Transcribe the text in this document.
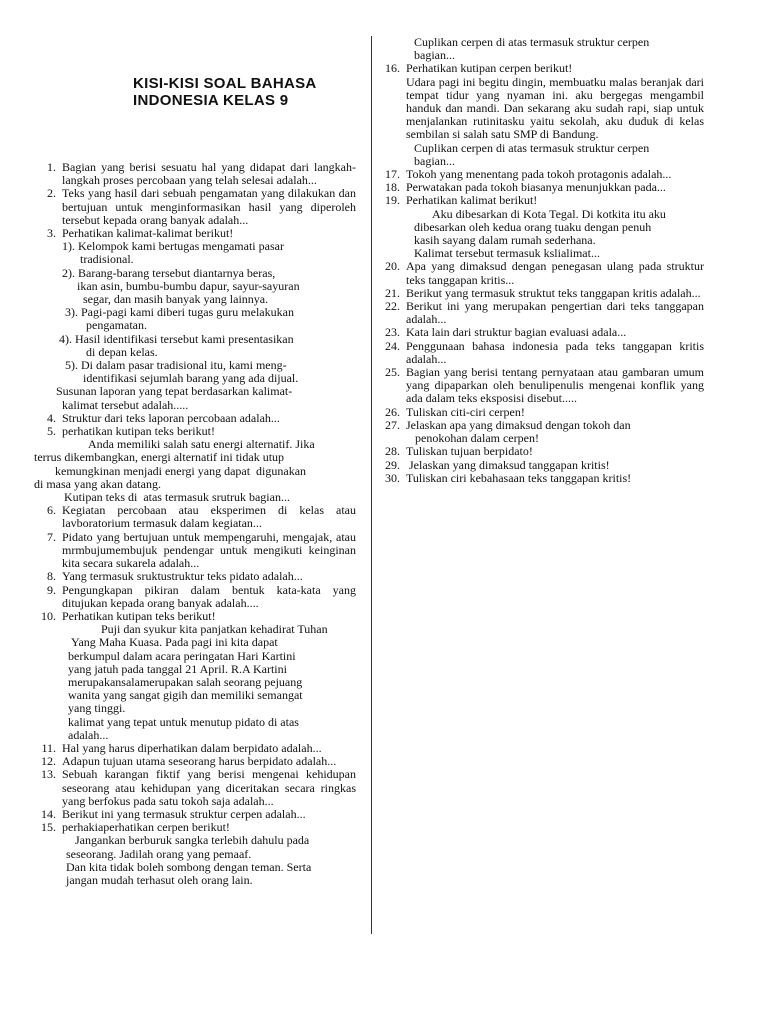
KISI-KISI SOAL BAHASA
INDONESIA KELAS 9
1. Bagian yang berisi sesuatu hal yang didapat dari langkah-langkah proses percobaan yang telah selesai adalah...
2. Teks yang hasil dari sebuah pengamatan yang dilakukan dan bertujuan untuk menginformasikan hasil yang diperoleh tersebut kepada orang banyak adalah...
3. Perhatikan kalimat-kalimat berikut!
1). Kelompok kami bertugas mengamati pasar
tradisional.
2). Barang-barang tersebut diantarnya beras,
ikan asin, bumbu-bumbu dapur, sayur-sayuran
segar, dan masih banyak yang lainnya.
3). Pagi-pagi kami diberi tugas guru melakukan
pengamatan.
4). Hasil identifikasi tersebut kami presentasikan
di depan kelas.
5). Di dalam pasar tradisional itu, kami meng-
identifikasi sejumlah barang yang ada dijual.
Susunan laporan yang tepat berdasarkan kalimat-
kalimat tersebut adalah.....
4. Struktur dari teks laporan percobaan adalah...
5. perhatikan kutipan teks berikut!
Anda memiliki salah satu energi alternatif. Jika
terrus dikembangkan, energi alternatif ini tidak utup
kemungkinan menjadi energi yang dapat  digunakan
di masa yang akan datang.
Kutipan teks di  atas termasuk srutruk bagian...
6. Kegiatan percobaan atau eksperimen di kelas atau lavboratorium termasuk dalam kegiatan...
7. Pidato yang bertujuan untuk mempengaruhi, mengajak, atau mrmbujumembujuk pendengar untuk mengikuti keinginan kita secara sukarela adalah...
8. Yang termasuk sruktustruktur teks pidato adalah...
9. Pengungkapan pikiran dalam bentuk kata-kata yang ditujukan kepada orang banyak adalah....
10. Perhatikan kutipan teks berikut!
Puji dan syukur kita panjatkan kehadirat Tuhan
Yang Maha Kuasa. Pada pagi ini kita dapat
berkumpul dalam acara peringatan Hari Kartini
yang jatuh pada tanggal 21 April. R.A Kartini
merupakansalamerupakan salah seorang pejuang
wanita yang sangat gigih dan memiliki semangat
yang tinggi.
kalimat yang tepat untuk menutup pidato di atas
adalah...
11. Hal yang harus diperhatikan dalam berpidato adalah...
12. Adapun tujuan utama seseorang harus berpidato adalah...
13. Sebuah karangan fiktif yang berisi mengenai kehidupan seseorang atau kehidupan yang diceritakan secara ringkas yang berfokus pada satu tokoh saja adalah...
14. Berikut ini yang termasuk struktur cerpen adalah...
15. perhakiaperhatikan cerpen berikut!
Jangankan berburuk sangka terlebih dahulu pada
seseorang. Jadilah orang yang pemaaf.
Dan kita tidak boleh sombong dengan teman. Serta
jangan mudah terhasut oleh orang lain.
Cuplikan cerpen di atas termasuk struktur cerpen
bagian...
16. Perhatikan kutipan cerpen berikut!
Udara pagi ini begitu dingin, membuatku malas beranjak dari tempat tidur yang nyaman ini. aku bergegas mengambil handuk dan mandi. Dan sekarang aku sudah rapi, siap untuk menjalankan rutinitasku yaitu sekolah, aku duduk di kelas sembilan si salah satu SMP di Bandung.
Cuplikan cerpen di atas termasuk struktur cerpen
bagian...
17. Tokoh yang menentang pada tokoh protagonis adalah...
18. Perwatakan pada tokoh biasanya menunjukkan pada...
19. Perhatikan kalimat berikut!
Aku dibesarkan di Kota Tegal. Di kotkita itu aku
dibesarkan oleh kedua orang tuaku dengan penuh
kasih sayang dalam rumah sederhana.
Kalimat tersebut termasuk kslialimat...
20. Apa yang dimaksud dengan penegasan ulang pada struktur teks tanggapan kritis...
21. Berikut yang termasuk struktut teks tanggapan kritis adalah...
22. Berikut ini yang merupakan pengertian dari teks tanggapan adalah...
23. Kata lain dari struktur bagian evaluasi adala...
24. Penggunaan bahasa indonesia pada teks tanggapan kritis adalah...
25. Bagian yang berisi tentang pernyataan atau gambaran umum yang dipaparkan oleh benulipenulis mengenai konflik yang ada dalam teks eksposisi disebut.....
26. Tuliskan citi-ciri cerpen!
27. Jelaskan apa yang dimaksud dengan tokoh dan
penokohan dalam cerpen!
28. Tuliskan tujuan berpidato!
29. Jelaskan yang dimaksud tanggapan kritis!
30. Tuliskan ciri kebahasaan teks tanggapan kritis!
